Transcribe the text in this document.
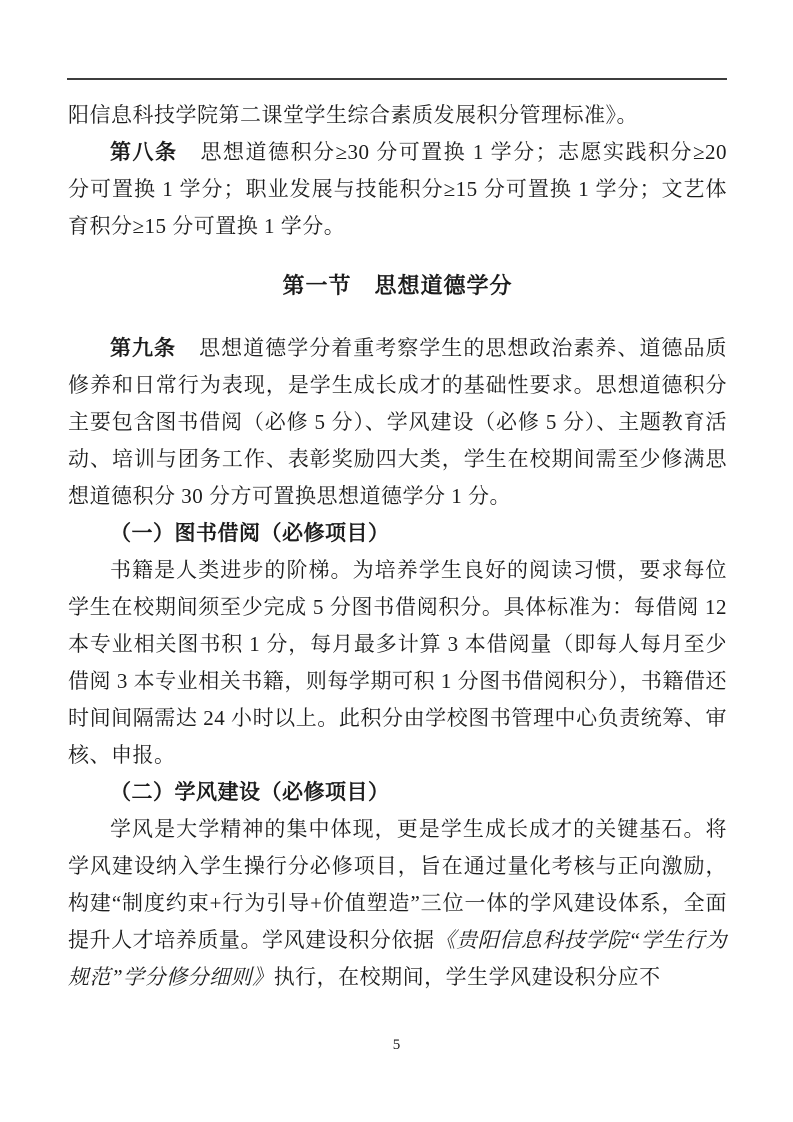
阳信息科技学院第二课堂学生综合素质发展积分管理标准》。

第八条 思想道德积分≥30 分可置换 1 学分；志愿实践积分≥20 分可置换 1 学分；职业发展与技能积分≥15 分可置换 1 学分；文艺体育积分≥15 分可置换 1 学分。

第一节　思想道德学分

第九条 思想道德学分着重考察学生的思想政治素养、道德品质修养和日常行为表现，是学生成长成才的基础性要求。思想道德积分主要包含图书借阅（必修 5 分）、学风建设（必修 5 分）、主题教育活动、培训与团务工作、表彰奖励四大类，学生在校期间需至少修满思想道德积分 30 分方可置换思想道德学分 1 分。

（一）图书借阅（必修项目）

书籍是人类进步的阶梯。为培养学生良好的阅读习惯，要求每位学生在校期间须至少完成 5 分图书借阅积分。具体标准为：每借阅 12 本专业相关图书积 1 分，每月最多计算 3 本借阅量（即每人每月至少借阅 3 本专业相关书籍，则每学期可积 1 分图书借阅积分），书籍借还时间间隔需达 24 小时以上。此积分由学校图书管理中心负责统筹、审核、申报。

（二）学风建设（必修项目）

学风是大学精神的集中体现，更是学生成长成才的关键基石。将学风建设纳入学生操行分必修项目，旨在通过量化考核与正向激励，构建“制度约束+行为引导+价值塑造”三位一体的学风建设体系，全面提升人才培养质量。学风建设积分依据《贵阳信息科技学院“学生行为规范”学分修分细则》执行，在校期间，学生学风建设积分应不

5
